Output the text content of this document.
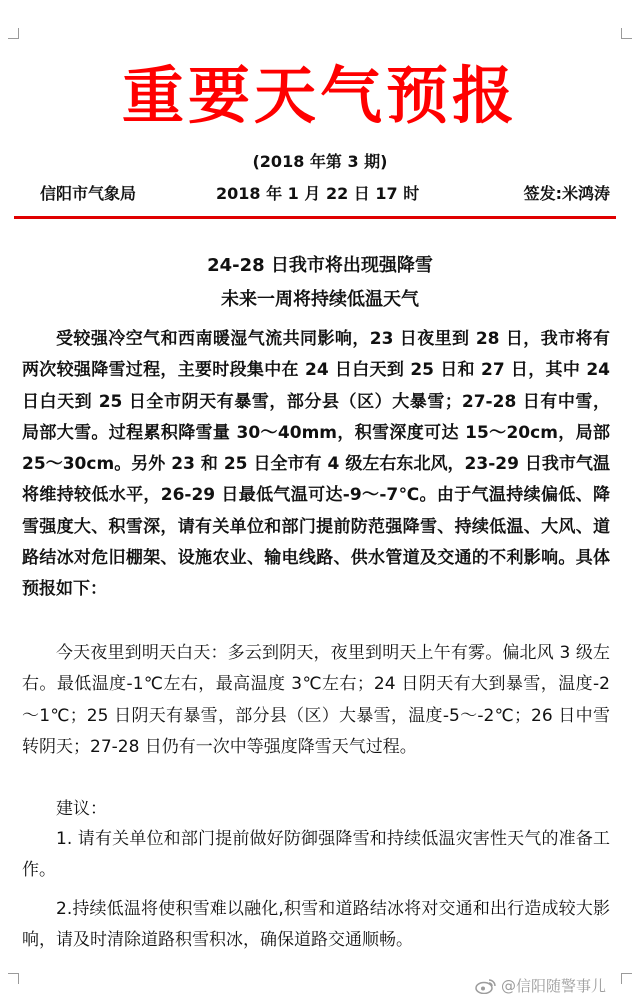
重要天气预报
(2018 年第 3 期)
信阳市气象局	2018 年 1 月 22 日 17 时	签发:米鸿涛
24-28 日我市将出现强降雪
未来一周将持续低温天气
受较强冷空气和西南暖湿气流共同影响，23 日夜里到 28 日，我市将有两次较强降雪过程，主要时段集中在 24 日白天到 25 日和 27 日，其中 24 日白天到 25 日全市阴天有暴雪，部分县（区）大暴雪；27-28 日有中雪，局部大雪。过程累积降雪量 30～40mm，积雪深度可达 15～20cm，局部 25～30cm。另外 23 和 25 日全市有 4 级左右东北风，23-29 日我市气温将维持较低水平，26-29 日最低气温可达-9～-7℃。由于气温持续偏低、降雪强度大、积雪深，请有关单位和部门提前防范强降雪、持续低温、大风、道路结冰对危旧棚架、设施农业、输电线路、供水管道及交通的不利影响。具体预报如下：
今天夜里到明天白天：多云到阴天，夜里到明天上午有雾。偏北风 3 级左右。最低温度-1℃左右，最高温度 3℃左右；24 日阴天有大到暴雪，温度-2～1℃；25 日阴天有暴雪，部分县（区）大暴雪，温度-5～-2℃；26 日中雪转阴天；27-28 日仍有一次中等强度降雪天气过程。
建议：
1. 请有关单位和部门提前做好防御强降雪和持续低温灾害性天气的准备工作。
2.持续低温将使积雪难以融化,积雪和道路结冰将对交通和出行造成较大影响，请及时清除道路积雪积冰，确保道路交通顺畅。
@信阳随警事儿
